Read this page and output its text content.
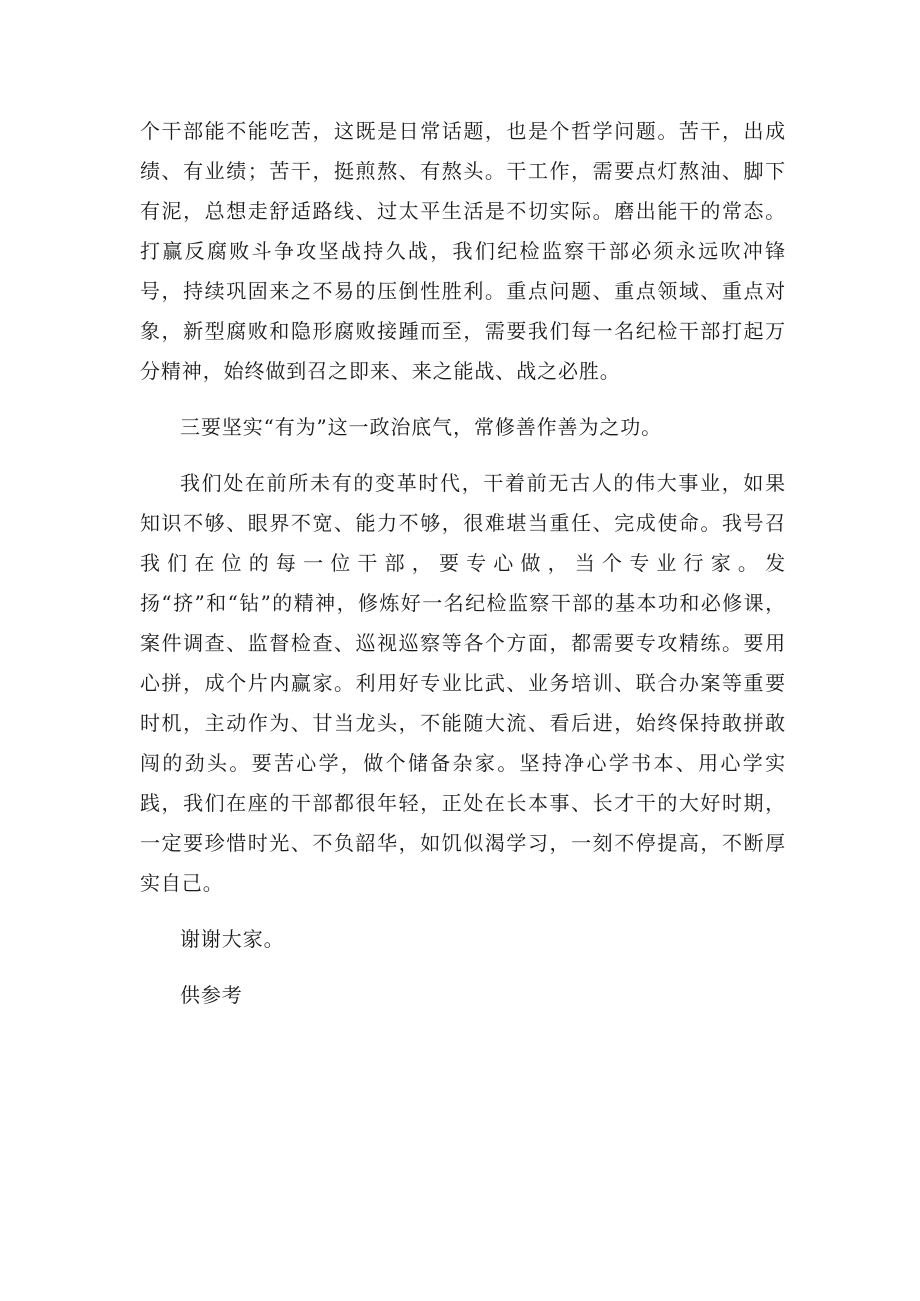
个干部能不能吃苦，这既是日常话题，也是个哲学问题。苦干，出成绩、有业绩；苦干，挺煎熬、有熬头。干工作，需要点灯熬油、脚下有泥，总想走舒适路线、过太平生活是不切实际。磨出能干的常态。打赢反腐败斗争攻坚战持久战，我们纪检监察干部必须永远吹冲锋号，持续巩固来之不易的压倒性胜利。重点问题、重点领域、重点对象，新型腐败和隐形腐败接踵而至，需要我们每一名纪检干部打起万分精神，始终做到召之即来、来之能战、战之必胜。

三要坚实“有为”这一政治底气，常修善作善为之功。

我们处在前所未有的变革时代，干着前无古人的伟大事业，如果知识不够、眼界不宽、能力不够，很难堪当重任、完成使命。我号召我们在位的每一位干部，要专心做，当个专业行家。发扬“挤”和“钻”的精神，修炼好一名纪检监察干部的基本功和必修课，案件调查、监督检查、巡视巡察等各个方面，都需要专攻精练。要用心拼，成个片内赢家。利用好专业比武、业务培训、联合办案等重要时机，主动作为、甘当龙头，不能随大流、看后进，始终保持敢拼敢闯的劲头。要苦心学，做个储备杂家。坚持净心学书本、用心学实践，我们在座的干部都很年轻，正处在长本事、长才干的大好时期，一定要珍惜时光、不负韶华，如饥似渴学习，一刻不停提高，不断厚实自己。

谢谢大家。

供参考
